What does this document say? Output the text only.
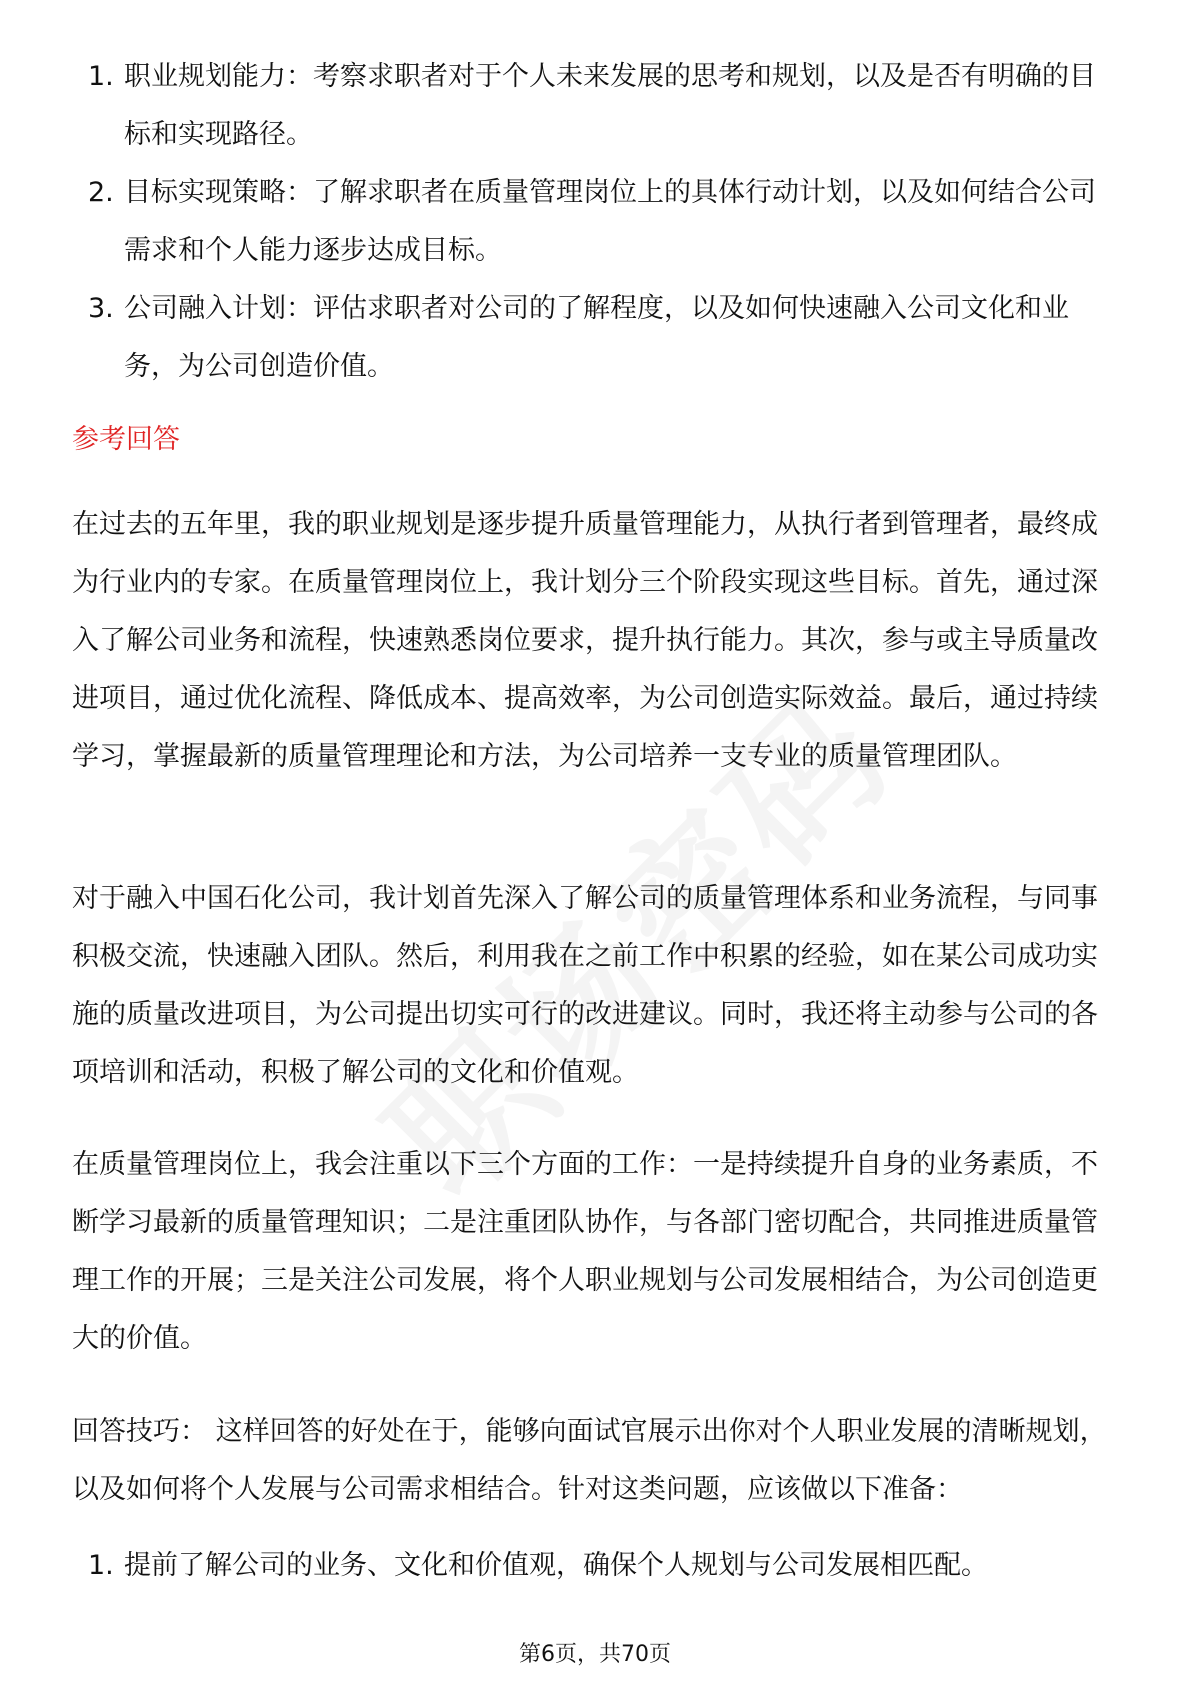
1. 职业规划能力：考察求职者对于个人未来发展的思考和规划，以及是否有明确的目标和实现路径。
2. 目标实现策略：了解求职者在质量管理岗位上的具体行动计划，以及如何结合公司需求和个人能力逐步达成目标。
3. 公司融入计划：评估求职者对公司的了解程度，以及如何快速融入公司文化和业务，为公司创造价值。
参考回答

在过去的五年里，我的职业规划是逐步提升质量管理能力，从执行者到管理者，最终成为行业内的专家。在质量管理岗位上，我计划分三个阶段实现这些目标。首先，通过深入了解公司业务和流程，快速熟悉岗位要求，提升执行能力。其次，参与或主导质量改进项目，通过优化流程、降低成本、提高效率，为公司创造实际效益。最后，通过持续学习，掌握最新的质量管理理论和方法，为公司培养一支专业的质量管理团队。

对于融入中国石化公司，我计划首先深入了解公司的质量管理体系和业务流程，与同事积极交流，快速融入团队。然后，利用我在之前工作中积累的经验，如在某公司成功实施的质量改进项目，为公司提出切实可行的改进建议。同时，我还将主动参与公司的各项培训和活动，积极了解公司的文化和价值观。

在质量管理岗位上，我会注重以下三个方面的工作：一是持续提升自身的业务素质，不断学习最新的质量管理知识；二是注重团队协作，与各部门密切配合，共同推进质量管理工作的开展；三是关注公司发展，将个人职业规划与公司发展相结合，为公司创造更大的价值。

回答技巧： 这样回答的好处在于，能够向面试官展示出你对个人职业发展的清晰规划，以及如何将个人发展与公司需求相结合。针对这类问题，应该做以下准备：

1. 提前了解公司的业务、文化和价值观，确保个人规划与公司发展相匹配。
第6页，共70页
